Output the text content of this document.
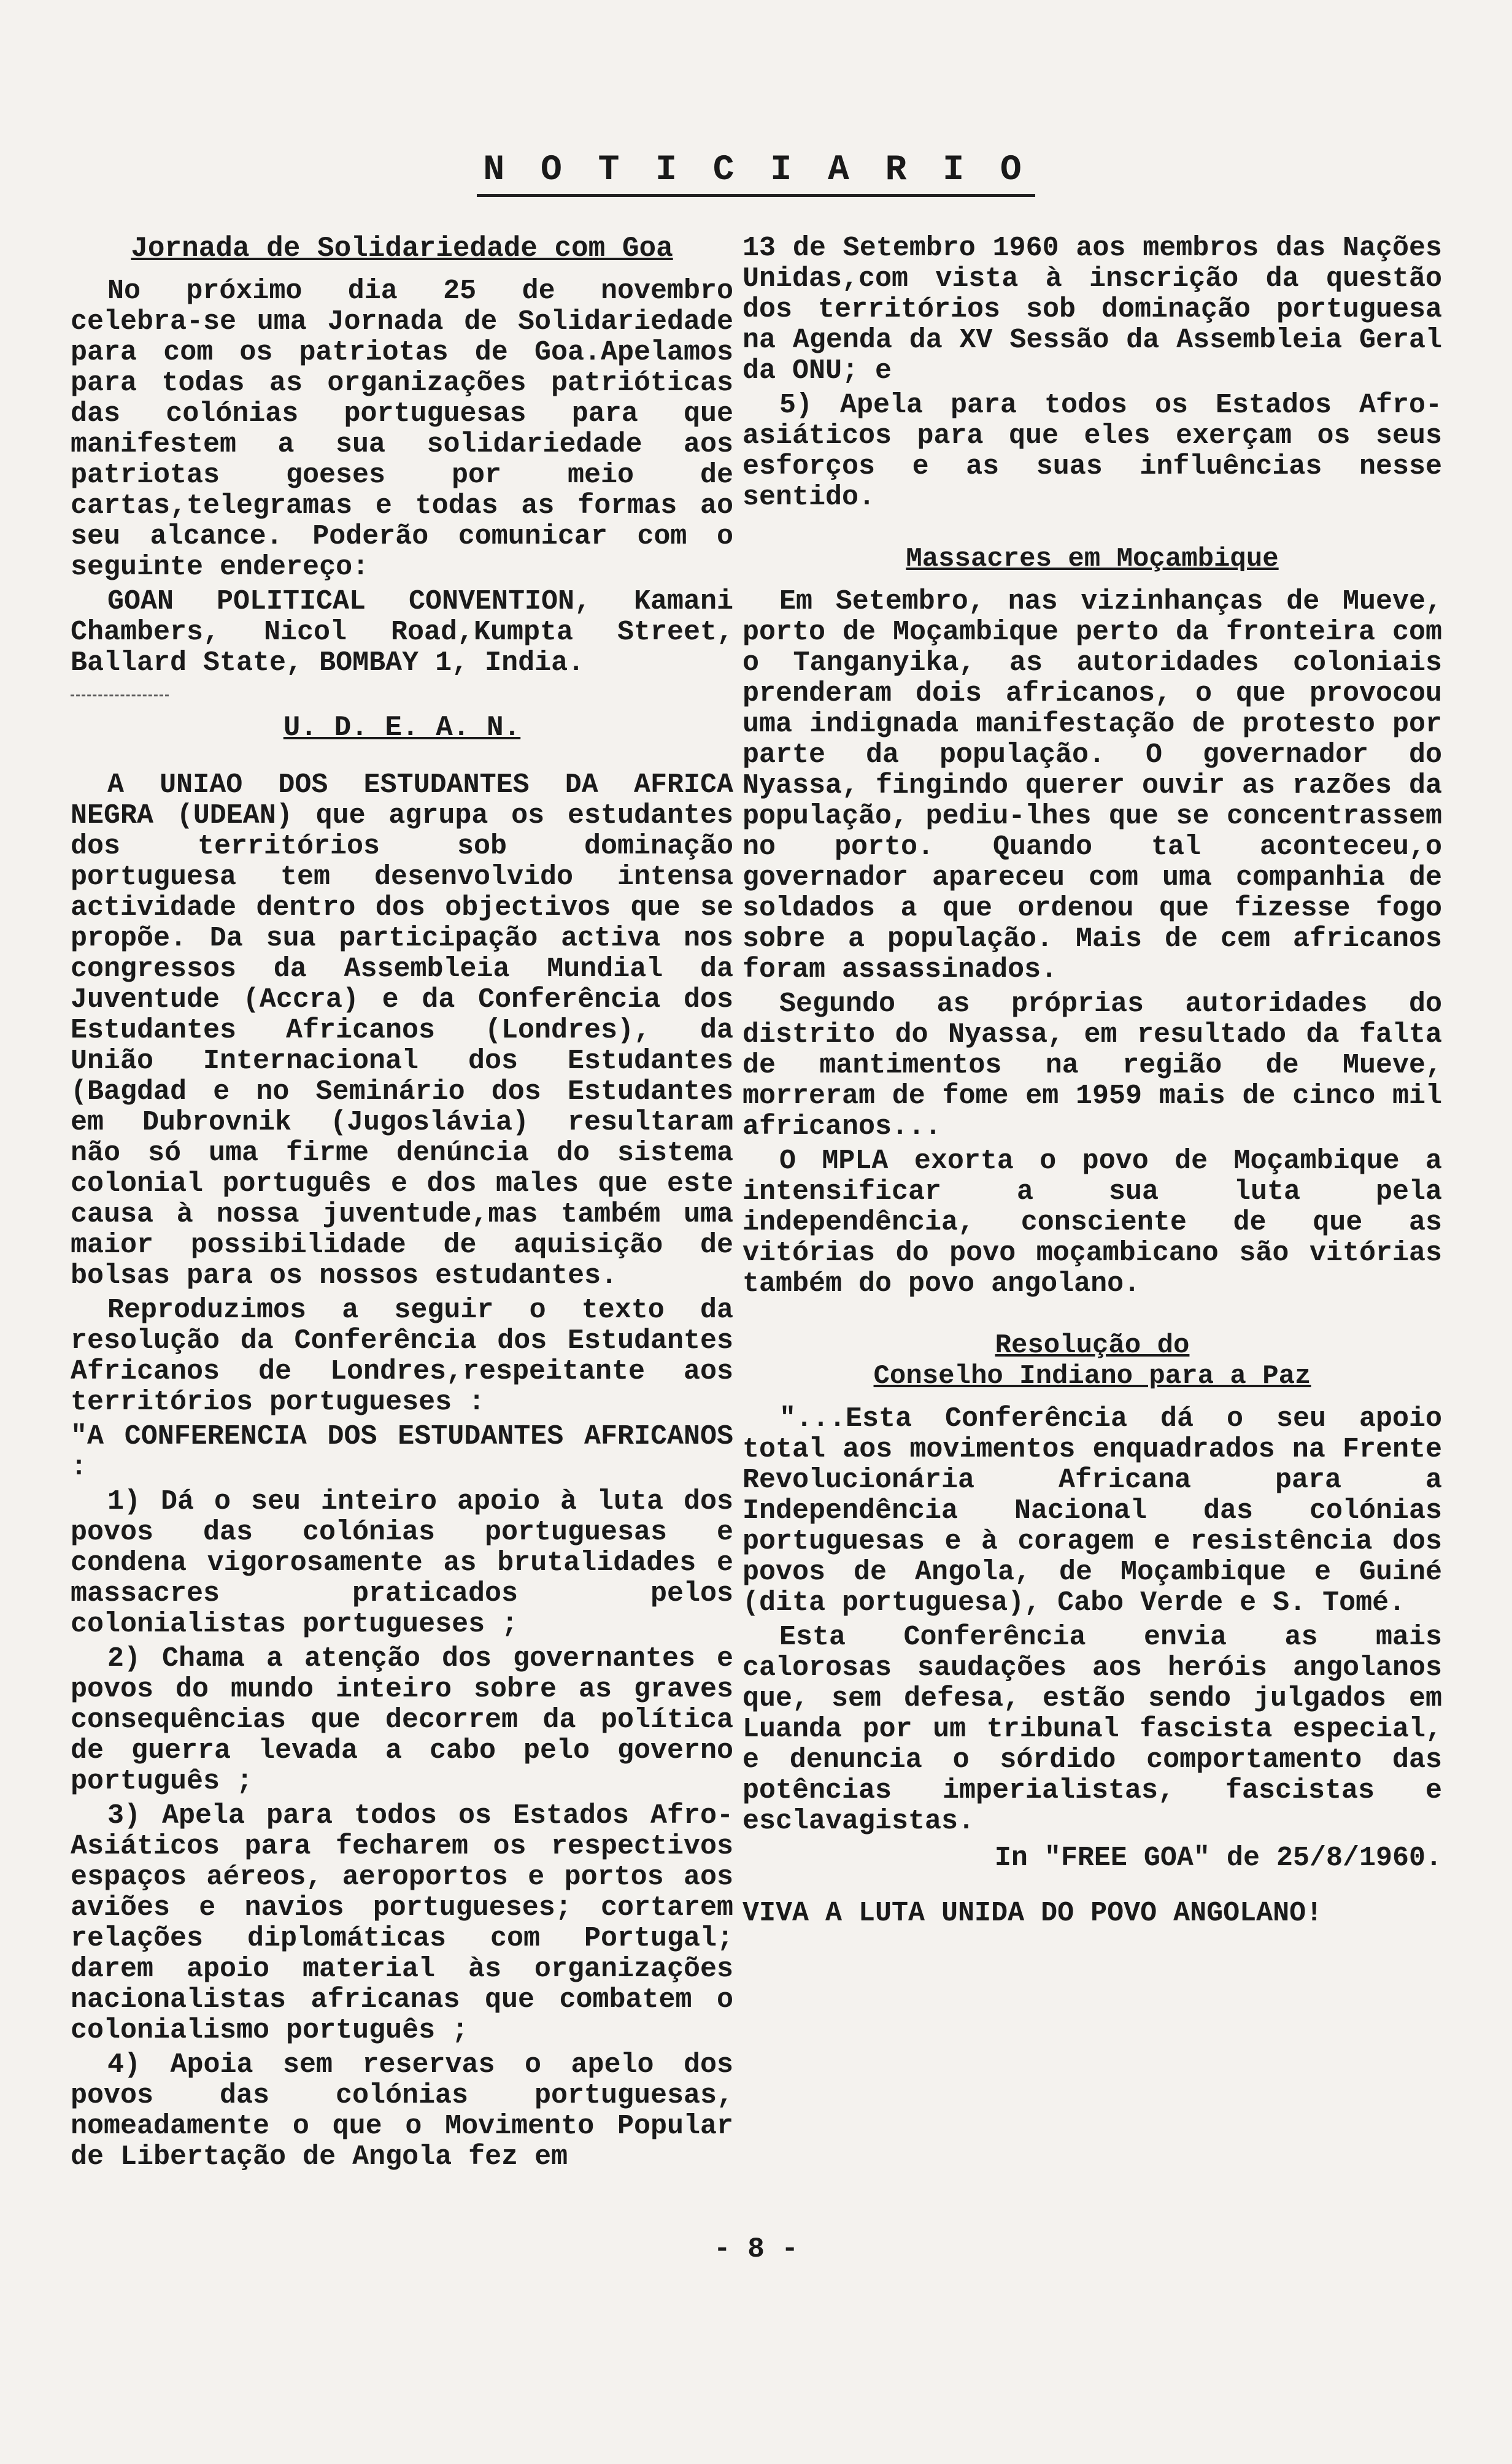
N O T I C I A R I O
Jornada de Solidariedade com Goa

No próximo dia 25 de novembro celebra-se uma Jornada de Solidariedade para com os patriotas de Goa.Apelamos para todas as organizações patrióticas das colónias portuguesas para que manifestem a sua solidariedade aos patriotas goeses por meio de cartas,telegramas e todas as formas ao seu alcance. Poderão comunicar com o seguinte endereço:

GOAN POLITICAL CONVENTION, Kamani Chambers, Nicol Road,Kumpta Street, Ballard State, BOMBAY 1, India.

U. D. E. A. N.

A UNIAO DOS ESTUDANTES DA AFRICA NEGRA (UDEAN) que agrupa os estudantes dos territórios sob dominação portuguesa tem desenvolvido intensa actividade dentro dos objectivos que se propõe. Da sua participação activa nos congressos da Assembleia Mundial da Juventude (Accra) e da Conferência dos Estudantes Africanos (Londres), da União Internacional dos Estudantes (Bagdad e no Seminário dos Estudantes em Dubrovnik (Jugoslávia) resultaram não só uma firme denúncia do sistema colonial português e dos males que este causa à nossa juventude,mas também uma maior possibilidade de aquisição de bolsas para os nossos estudantes.

Reproduzimos a seguir o texto da resolução da Conferência dos Estudantes Africanos de Londres,respeitante aos territórios portugueses :

"A CONFERENCIA DOS ESTUDANTES AFRICANOS :

1) Dá o seu inteiro apoio à luta dos povos das colónias portuguesas e condena vigorosamente as brutalidades e massacres praticados pelos colonialistas portugueses ;

2) Chama a atenção dos governantes e povos do mundo inteiro sobre as graves consequências que decorrem da política de guerra levada a cabo pelo governo português ;

3) Apela para todos os Estados Afro-Asiáticos para fecharem os respectivos espaços aéreos, aeroportos e portos aos aviões e navios portugueses; cortarem relações diplomáticas com Portugal; darem apoio material às organizações nacionalistas africanas que combatem o colonialismo português ;

4) Apoia sem reservas o apelo dos povos das colónias portuguesas, nomeadamente o que o Movimento Popular de Libertação de Angola fez em

13 de Setembro 1960 aos membros das Nações Unidas,com vista à inscrição da questão dos territórios sob dominação portuguesa na Agenda da XV Sessão da Assembleia Geral da ONU; e

5) Apela para todos os Estados Afro-asiáticos para que eles exerçam os seus esforços e as suas influências nesse sentido.

Massacres em Moçambique

Em Setembro, nas vizinhanças de Mueve, porto de Moçambique perto da fronteira com o Tanganyika, as autoridades coloniais prenderam dois africanos, o que provocou uma indignada manifestação de protesto por parte da população. O governador do Nyassa, fingindo querer ouvir as razões da população, pediu-lhes que se concentrassem no porto. Quando tal aconteceu,o governador apareceu com uma companhia de soldados a que ordenou que fizesse fogo sobre a população. Mais de cem africanos foram assassinados.

Segundo as próprias autoridades do distrito do Nyassa, em resultado da falta de mantimentos na região de Mueve, morreram de fome em 1959 mais de cinco mil africanos...

O MPLA exorta o povo de Moçambique a intensificar a sua luta pela independência, consciente de que as vitórias do povo moçambicano são vitórias também do povo angolano.

Resolução do
Conselho Indiano para a Paz

"...Esta Conferência dá o seu apoio total aos movimentos enquadrados na Frente Revolucionária Africana para a Independência Nacional das colónias portuguesas e à coragem e resistência dos povos de Angola, de Moçambique e Guiné (dita portuguesa), Cabo Verde e S. Tomé.

Esta Conferência envia as mais calorosas saudações aos heróis angolanos que, sem defesa, estão sendo julgados em Luanda por um tribunal fascista especial, e denuncia o sórdido comportamento das potências imperialistas, fascistas e esclavagistas.

In "FREE GOA" de 25/8/1960.

VIVA A LUTA UNIDA DO POVO ANGOLANO!

- 8 -
